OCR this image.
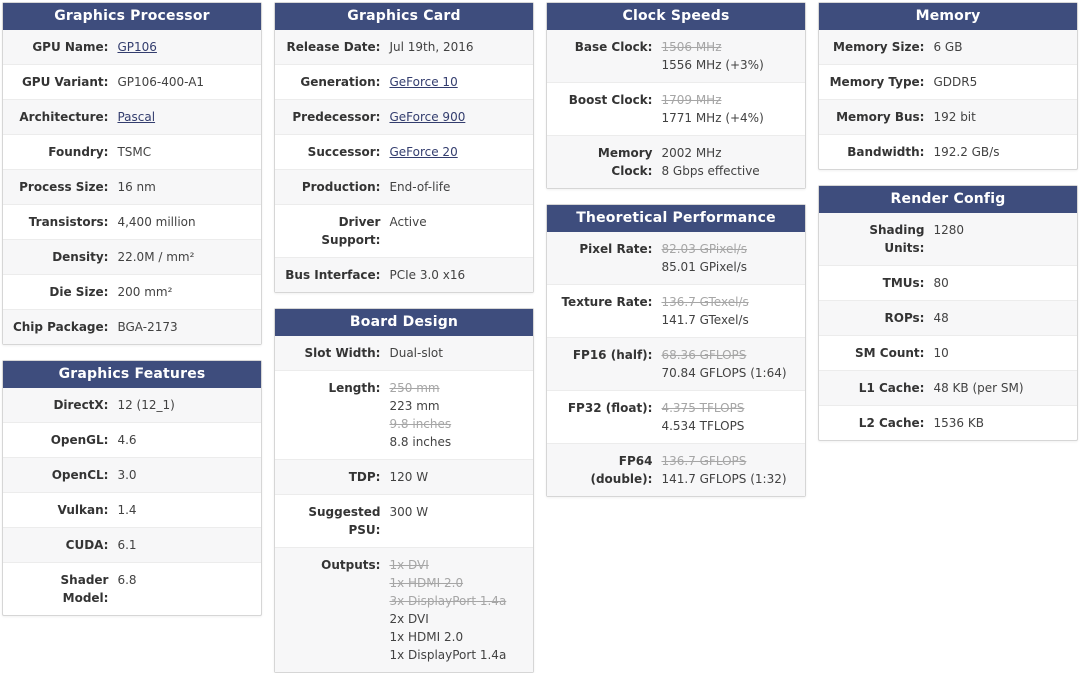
Graphics Processor
GPU Name: GP106
GPU Variant: GP106-400-A1
Architecture: Pascal
Foundry: TSMC
Process Size: 16 nm
Transistors: 4,400 million
Density: 22.0M / mm²
Die Size: 200 mm²
Chip Package: BGA-2173
Graphics Features
DirectX: 12 (12_1)
OpenGL: 4.6
OpenCL: 3.0
Vulkan: 1.4
CUDA: 6.1
Shader Model:
6.8
Graphics Card
Release Date: Jul 19th, 2016
Generation: GeForce 10
Predecessor: GeForce 900
Successor: GeForce 20
Production: End-of-life
Driver Support:
Active
Bus Interface: PCIe 3.0 x16
Board Design
Slot Width: Dual-slot
Length: 250 mm
223 mm
9.8 inches
8.8 inches
TDP: 120 W
Suggested PSU:
300 W
Outputs: 1x DVI
1x HDMI 2.0
3x DisplayPort 1.4a
2x DVI
1x HDMI 2.0
1x DisplayPort 1.4a
Clock Speeds
Base Clock: 1506 MHz
1556 MHz (+3%)
Boost Clock: 1709 MHz
1771 MHz (+4%)
Memory Clock:
2002 MHz
8 Gbps effective
Theoretical Performance
Pixel Rate: 82.03 GPixel/s
85.01 GPixel/s
Texture Rate: 136.7 GTexel/s
141.7 GTexel/s
FP16 (half): 68.36 GFLOPS
70.84 GFLOPS (1:64)
FP32 (float): 4.375 TFLOPS
4.534 TFLOPS
FP64 (double):
136.7 GFLOPS
141.7 GFLOPS (1:32)
Memory
Memory Size: 6 GB
Memory Type: GDDR5
Memory Bus: 192 bit
Bandwidth: 192.2 GB/s
Render Config
Shading Units:
1280
TMUs: 80
ROPs: 48
SM Count: 10
L1 Cache: 48 KB (per SM)
L2 Cache: 1536 KB
